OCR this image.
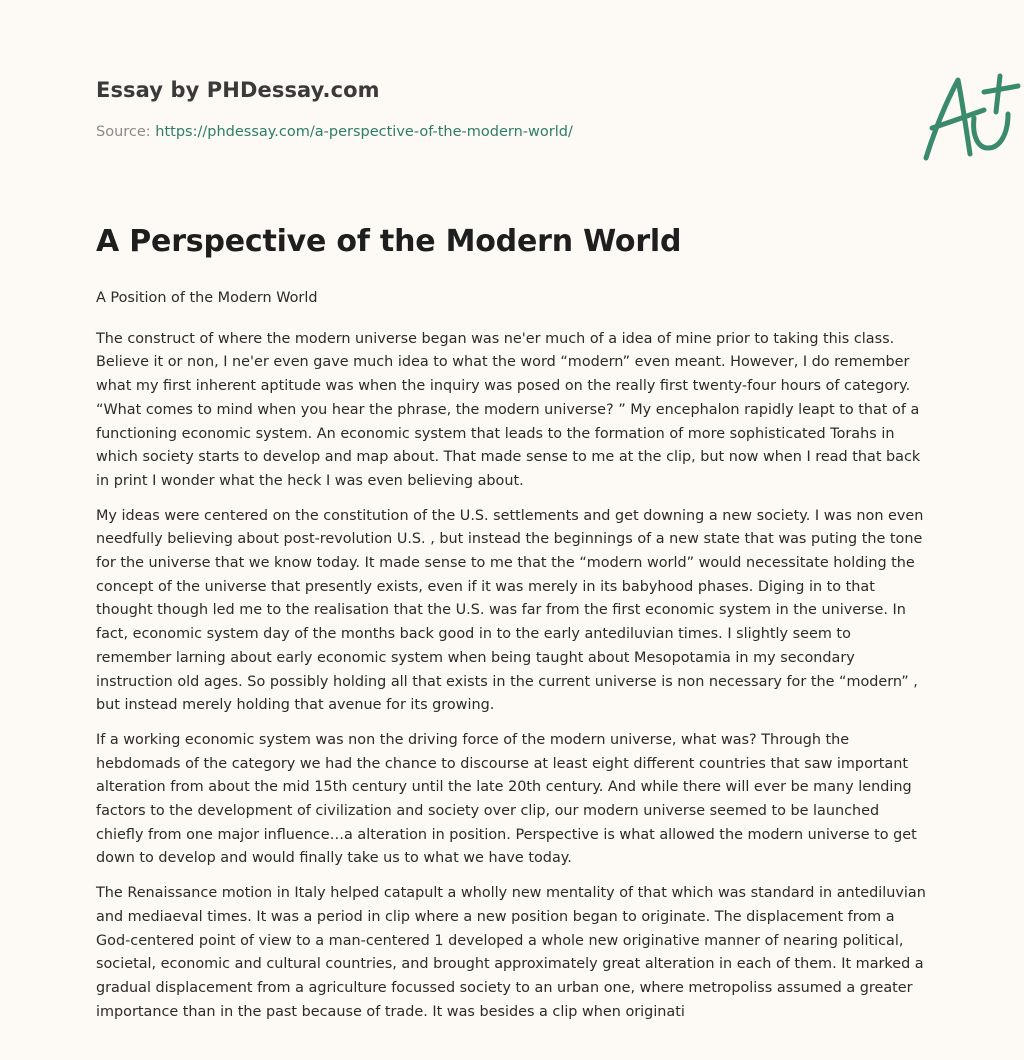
Essay by PHDessay.com
Source: https://phdessay.com/a-perspective-of-the-modern-world/
A Perspective of the Modern World

A Position of the Modern World

The construct of where the modern universe began was ne'er much of a idea of mine prior to taking this class. Believe it or non, I ne'er even gave much idea to what the word “modern” even meant. However, I do remember what my first inherent aptitude was when the inquiry was posed on the really first twenty-four hours of category. “What comes to mind when you hear the phrase, the modern universe? ” My encephalon rapidly leapt to that of a functioning economic system. An economic system that leads to the formation of more sophisticated Torahs in which society starts to develop and map about. That made sense to me at the clip, but now when I read that back in print I wonder what the heck I was even believing about.

My ideas were centered on the constitution of the U.S. settlements and get downing a new society. I was non even needfully believing about post-revolution U.S. , but instead the beginnings of a new state that was puting the tone for the universe that we know today. It made sense to me that the “modern world” would necessitate holding the concept of the universe that presently exists, even if it was merely in its babyhood phases. Diging in to that thought though led me to the realisation that the U.S. was far from the first economic system in the universe. In fact, economic system day of the months back good in to the early antediluvian times. I slightly seem to remember larning about early economic system when being taught about Mesopotamia in my secondary instruction old ages. So possibly holding all that exists in the current universe is non necessary for the “modern” , but instead merely holding that avenue for its growing.

If a working economic system was non the driving force of the modern universe, what was? Through the hebdomads of the category we had the chance to discourse at least eight different countries that saw important alteration from about the mid 15th century until the late 20th century. And while there will ever be many lending factors to the development of civilization and society over clip, our modern universe seemed to be launched chiefly from one major influence…a alteration in position. Perspective is what allowed the modern universe to get down to develop and would finally take us to what we have today.

The Renaissance motion in Italy helped catapult a wholly new mentality of that which was standard in antediluvian and mediaeval times. It was a period in clip where a new position began to originate. The displacement from a God-centered point of view to a man-centered 1 developed a whole new originative manner of nearing political, societal, economic and cultural countries, and brought approximately great alteration in each of them. It marked a gradual displacement from a agriculture focussed society to an urban one, where metropoliss assumed a greater importance than in the past because of trade. It was besides a clip when originati
